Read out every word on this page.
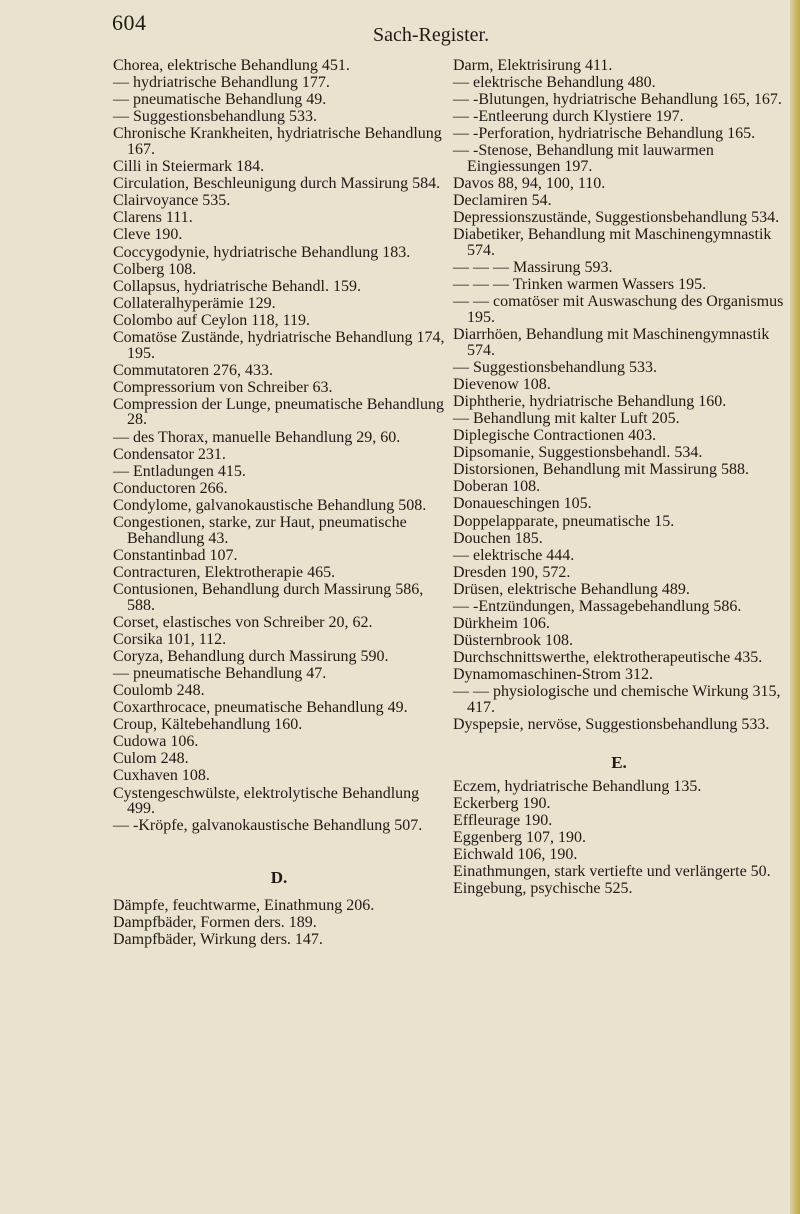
604	Sach-Register.

Chorea, elektrische Behandlung 451.

— hydriatrische Behandlung 177.

— pneumatische Behandlung 49.

— Suggestionsbehandlung 533.

Chronische Krankheiten, hydriatrische Behandlung 167.

Cilli in Steiermark 184.

Circulation, Beschleunigung durch Massirung 584.

Clairvoyance 535.

Clarens 111.

Cleve 190.

Coccygodynie, hydriatrische Behandlung 183.

Colberg 108.

Collapsus, hydriatrische Behandl. 159.

Collateralhyperämie 129.

Colombo auf Ceylon 118, 119.

Comatöse Zustände, hydriatrische Behandlung 174, 195.

Commutatoren 276, 433.

Compressorium von Schreiber 63.

Compression der Lunge, pneumatische Behandlung 28.

— des Thorax, manuelle Behandlung 29, 60.

Condensator 231.

— Entladungen 415.

Conductoren 266.

Condylome, galvanokaustische Behandlung 508.

Congestionen, starke, zur Haut, pneumatische Behandlung 43.

Constantinbad 107.

Contracturen, Elektrotherapie 465.

Contusionen, Behandlung durch Massirung 586, 588.

Corset, elastisches von Schreiber 20, 62.

Corsika 101, 112.

Coryza, Behandlung durch Massirung 590.

— pneumatische Behandlung 47.

Coulomb 248.

Coxarthrocace, pneumatische Behandlung 49.

Croup, Kältebehandlung 160.

Cudowa 106.

Culom 248.

Cuxhaven 108.

Cystengeschwülste, elektrolytische Behandlung 499.

— -Kröpfe, galvanokaustische Behandlung 507.

D.

Dämpfe, feuchtwarme, Einathmung 206.

Dampfbäder, Formen ders. 189.

Dampfbäder, Wirkung ders. 147.

Darm, Elektrisirung 411.

— elektrische Behandlung 480.

— -Blutungen, hydriatrische Behandlung 165, 167.

— -Entleerung durch Klystiere 197.

— -Perforation, hydriatrische Behandlung 165.

— -Stenose, Behandlung mit lauwarmen Eingiessungen 197.

Davos 88, 94, 100, 110.

Declamiren 54.

Depressionszustände, Suggestionsbehandlung 534.

Diabetiker, Behandlung mit Maschinengymnastik 574.

— — — Massirung 593.

— — — Trinken warmen Wassers 195.

— — comatöser mit Auswaschung des Organismus 195.

Diarrhöen, Behandlung mit Maschinengymnastik 574.

— Suggestionsbehandlung 533.

Dievenow 108.

Diphtherie, hydriatrische Behandlung 160.

— Behandlung mit kalter Luft 205.

Diplegische Contractionen 403.

Dipsomanie, Suggestionsbehandl. 534.

Distorsionen, Behandlung mit Massirung 588.

Doberan 108.

Donaueschingen 105.

Doppelapparate, pneumatische 15.

Douchen 185.

— elektrische 444.

Dresden 190, 572.

Drüsen, elektrische Behandlung 489.

— -Entzündungen, Massagebehandlung 586.

Dürkheim 106.

Düsternbrook 108.

Durchschnittswerthe, elektrotherapeutische 435.

Dynamomaschinen-Strom 312.

— — physiologische und chemische Wirkung 315, 417.

Dyspepsie, nervöse, Suggestionsbehandlung 533.

E.

Eczem, hydriatrische Behandlung 135.

Eckerberg 190.

Effleurage 190.

Eggenberg 107, 190.

Eichwald 106, 190.

Einathmungen, stark vertiefte und verlängerte 50.

Eingebung, psychische 525.
